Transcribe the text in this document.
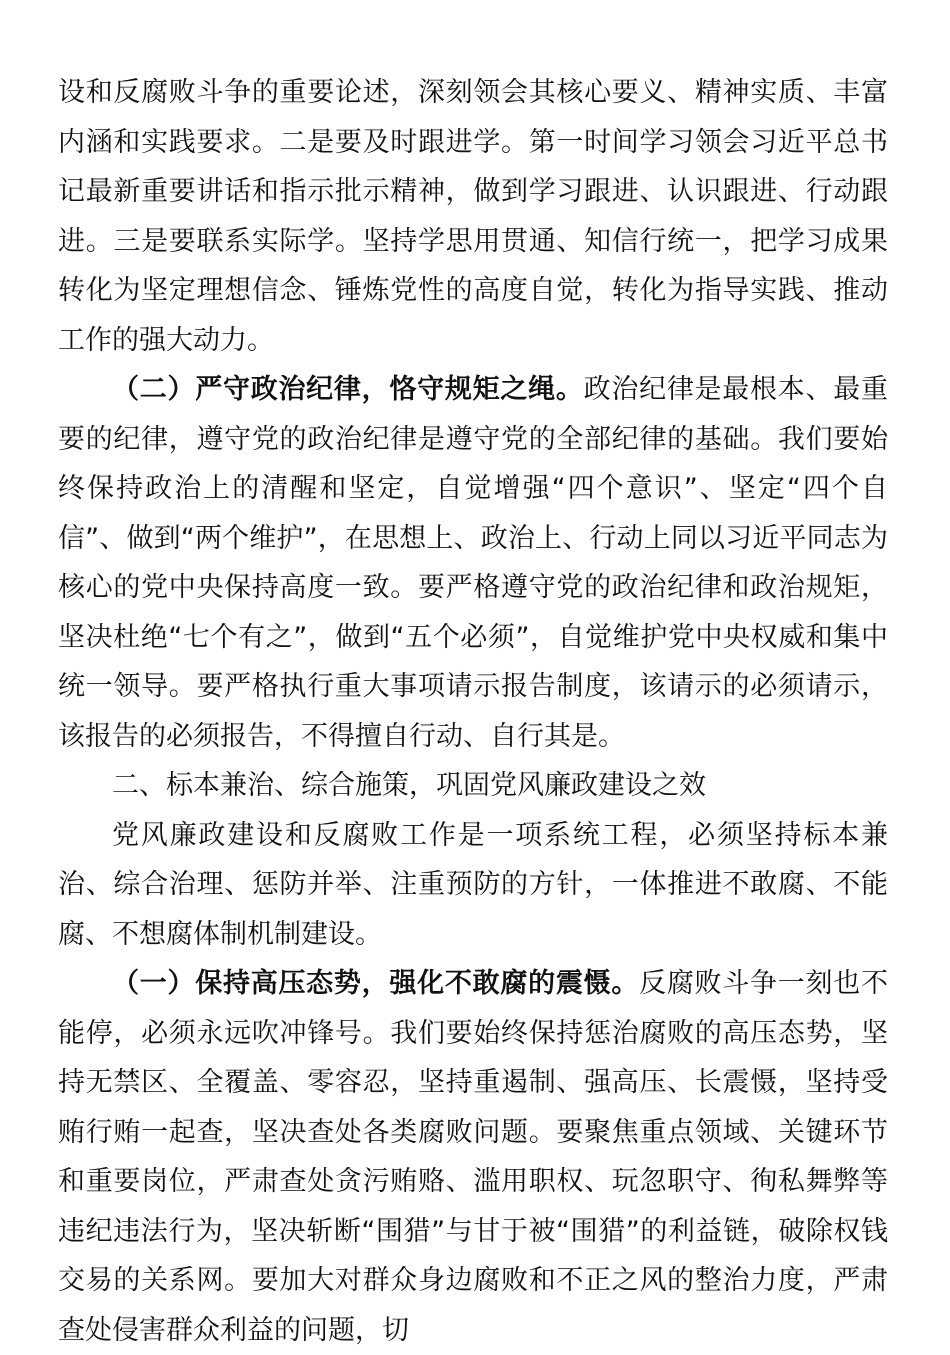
设和反腐败斗争的重要论述，深刻领会其核心要义、精神实质、丰富内涵和实践要求。二是要及时跟进学。第一时间学习领会习近平总书记最新重要讲话和指示批示精神，做到学习跟进、认识跟进、行动跟进。三是要联系实际学。坚持学思用贯通、知信行统一，把学习成果转化为坚定理想信念、锤炼党性的高度自觉，转化为指导实践、推动工作的强大动力。

（二）严守政治纪律，恪守规矩之绳。政治纪律是最根本、最重要的纪律，遵守党的政治纪律是遵守党的全部纪律的基础。我们要始终保持政治上的清醒和坚定，自觉增强“四个意识”、坚定“四个自信”、做到“两个维护”，在思想上、政治上、行动上同以习近平同志为核心的党中央保持高度一致。要严格遵守党的政治纪律和政治规矩，坚决杜绝“七个有之”，做到“五个必须”，自觉维护党中央权威和集中统一领导。要严格执行重大事项请示报告制度，该请示的必须请示，该报告的必须报告，不得擅自行动、自行其是。

二、标本兼治、综合施策，巩固党风廉政建设之效

党风廉政建设和反腐败工作是一项系统工程，必须坚持标本兼治、综合治理、惩防并举、注重预防的方针，一体推进不敢腐、不能腐、不想腐体制机制建设。

（一）保持高压态势，强化不敢腐的震慑。反腐败斗争一刻也不能停，必须永远吹冲锋号。我们要始终保持惩治腐败的高压态势，坚持无禁区、全覆盖、零容忍，坚持重遏制、强高压、长震慑，坚持受贿行贿一起查，坚决查处各类腐败问题。要聚焦重点领域、关键环节和重要岗位，严肃查处贪污贿赂、滥用职权、玩忽职守、徇私舞弊等违纪违法行为，坚决斩断“围猎”与甘于被“围猎”的利益链，破除权钱交易的关系网。要加大对群众身边腐败和不正之风的整治力度，严肃查处侵害群众利益的问题，切
